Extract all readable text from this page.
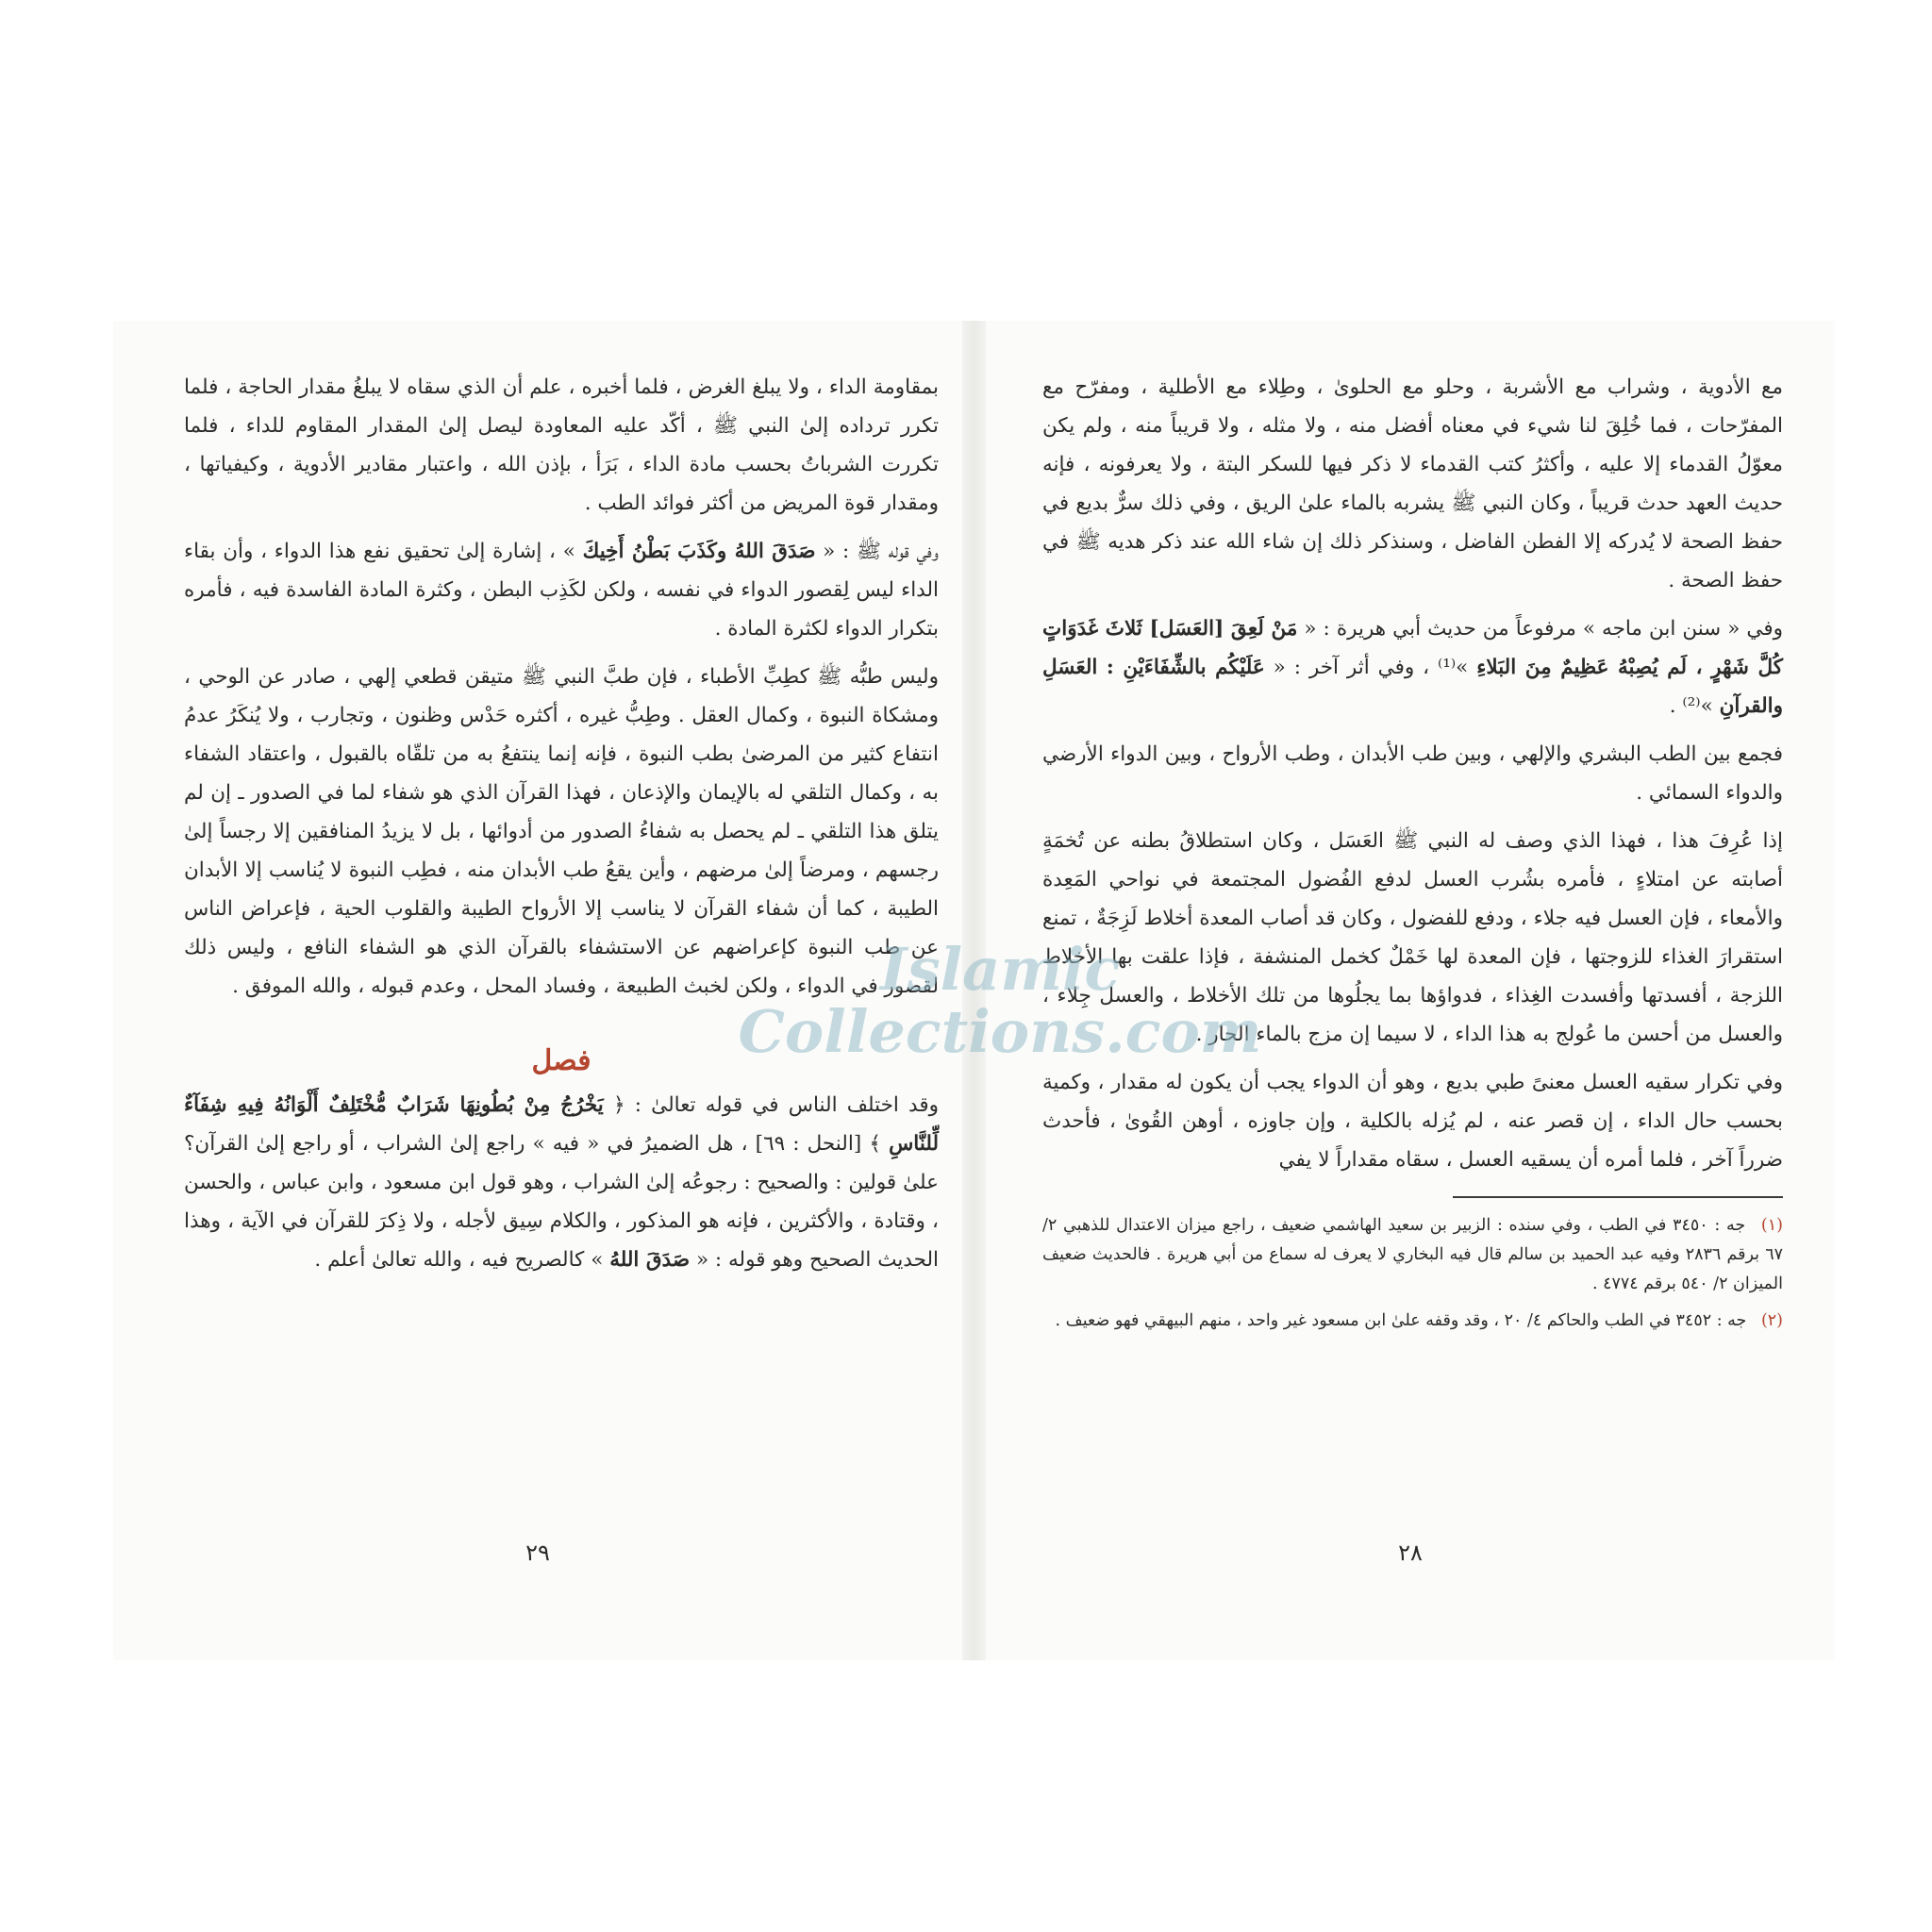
بمقاومة الداء ، ولا يبلغ الغرض ، فلما أخبره ، علم أن الذي سقاه لا يبلغُ مقدار الحاجة ، فلما تكرر ترداده إلىٰ النبي ﷺ ، أكّد عليه المعاودة ليصل إلىٰ المقدار المقاوم للداء ، فلما تكررت الشرباتُ بحسب مادة الداء ، بَرَأ ، بإذن الله ، واعتبار مقادير الأدوية ، وكيفياتها ، ومقدار قوة المريض من أكثر فوائد الطب .

وفي قوله ﷺ : « صَدَقَ اللهُ وكَذَبَ بَطْنُ أَخِيكَ » ، إشارة إلىٰ تحقيق نفع هذا الدواء ، وأن بقاء الداء ليس لِقصور الدواء في نفسه ، ولكن لكَذِب البطن ، وكثرة المادة الفاسدة فيه ، فأمره بتكرار الدواء لكثرة المادة .

وليس طبُّه ﷺ كطِبِّ الأطباء ، فإن طبَّ النبي ﷺ متيقن قطعي إلهي ، صادر عن الوحي ، ومشكاة النبوة ، وكمال العقل . وطِبُّ غيره ، أكثره حَدْس وظنون ، وتجارب ، ولا يُنكَرُ عدمُ انتفاع كثير من المرضىٰ بطب النبوة ، فإنه إنما ينتفعُ به من تلقّاه بالقبول ، واعتقاد الشفاء به ، وكمال التلقي له بالإيمان والإذعان ، فهذا القرآن الذي هو شفاء لما في الصدور ـ إن لم يتلق هذا التلقي ـ لم يحصل به شفاءُ الصدور من أدوائها ، بل لا يزيدُ المنافقين إلا رجساً إلىٰ رجسهم ، ومرضاً إلىٰ مرضهم ، وأين يقعُ طب الأبدان منه ، فطِب النبوة لا يُناسب إلا الأبدان الطيبة ، كما أن شفاء القرآن لا يناسب إلا الأرواح الطيبة والقلوب الحية ، فإعراض الناس عن طب النبوة كإعراضهم عن الاستشفاء بالقرآن الذي هو الشفاء النافع ، وليس ذلك لقصور في الدواء ، ولكن لخبث الطبيعة ، وفساد المحل ، وعدم قبوله ، والله الموفق .

فصل

وقد اختلف الناس في قوله تعالىٰ : ﴿ يَخْرُجُ مِنْ بُطُونِهَا شَرَابٌ مُّخْتَلِفٌ أَلْوَانُهُ فِيهِ شِفَآءٌ لِّلنَّاسِ ﴾ [النحل : ٦٩] ، هل الضميرُ في « فيه » راجع إلىٰ الشراب ، أو راجع إلىٰ القرآن؟ علىٰ قولين : والصحيح : رجوعُه إلىٰ الشراب ، وهو قول ابن مسعود ، وابن عباس ، والحسن ، وقتادة ، والأكثرين ، فإنه هو المذكور ، والكلام سِيق لأجله ، ولا ذِكرَ للقرآن في الآية ، وهذا الحديث الصحيح وهو قوله : « صَدَقَ اللهُ » كالصريح فيه ، والله تعالىٰ أعلم .

٢٩

مع الأدوية ، وشراب مع الأشربة ، وحلو مع الحلوىٰ ، وطِلاء مع الأطلية ، ومفرّح مع المفرّحات ، فما خُلِقَ لنا شيء في معناه أفضل منه ، ولا مثله ، ولا قريباً منه ، ولم يكن معوّلُ القدماء إلا عليه ، وأكثرُ كتب القدماء لا ذكر فيها للسكر البتة ، ولا يعرفونه ، فإنه حديث العهد حدث قريباً ، وكان النبي ﷺ يشربه بالماء علىٰ الريق ، وفي ذلك سرٌّ بديع في حفظ الصحة لا يُدركه إلا الفطن الفاضل ، وسنذكر ذلك إن شاء الله عند ذكر هديه ﷺ في حفظ الصحة .

وفي « سنن ابن ماجه » مرفوعاً من حديث أبي هريرة : « مَنْ لَعِقَ [العَسَل] ثَلاثَ غَدَوَاتٍ كُلَّ شَهْرٍ ، لَم يُصِبْهُ عَظِيمٌ مِنَ البَلاءِ »⁽¹⁾ ، وفي أثر آخر : « عَلَيْكُم بالشِّفَاءَيْنِ : العَسَلِ والقرآنِ »⁽²⁾ .

فجمع بين الطب البشري والإلهي ، وبين طب الأبدان ، وطب الأرواح ، وبين الدواء الأرضي والدواء السمائي .

إذا عُرِفَ هذا ، فهذا الذي وصف له النبي ﷺ العَسَل ، وكان استطلاقُ بطنه عن تُخمَةٍ أصابته عن امتلاءٍ ، فأمره بشُرب العسل لدفع الفُضول المجتمعة في نواحي المَعِدة والأمعاء ، فإن العسل فيه جلاء ، ودفع للفضول ، وكان قد أصاب المعدة أخلاط لَزِجَةٌ ، تمنع استقرارَ الغذاء للزوجتها ، فإن المعدة لها خَمْلٌ كخمل المنشفة ، فإذا علقت بها الأخلاط اللزجة ، أفسدتها وأفسدت الغِذاء ، فدواؤها بما يجلُوها من تلك الأخلاط ، والعسل جِلاء ، والعسل من أحسن ما عُولج به هذا الداء ، لا سيما إن مزج بالماء الحار .

وفي تكرار سقيه العسل معنىً طبي بديع ، وهو أن الدواء يجب أن يكون له مقدار ، وكمية بحسب حال الداء ، إن قصر عنه ، لم يُزله بالكلية ، وإن جاوزه ، أوهن القُوىٰ ، فأحدث ضرراً آخر ، فلما أمره أن يسقيه العسل ، سقاه مقداراً لا يفي

(١) جه : ٣٤٥٠ في الطب ، وفي سنده : الزبير بن سعيد الهاشمي ضعيف ، راجع ميزان الاعتدال للذهبي ٢/ ٦٧ برقم ٢٨٣٦ وفيه عبد الحميد بن سالم قال فيه البخاري لا يعرف له سماع من أبي هريرة . فالحديث ضعيف الميزان ٢/ ٥٤٠ برقم ٤٧٧٤ .

(٢) جه : ٣٤٥٢ في الطب والحاكم ٤/ ٢٠ ، وقد وقفه علىٰ ابن مسعود غير واحد ، منهم البيهقي فهو ضعيف .

٢٨
Islamic
Collections.com
